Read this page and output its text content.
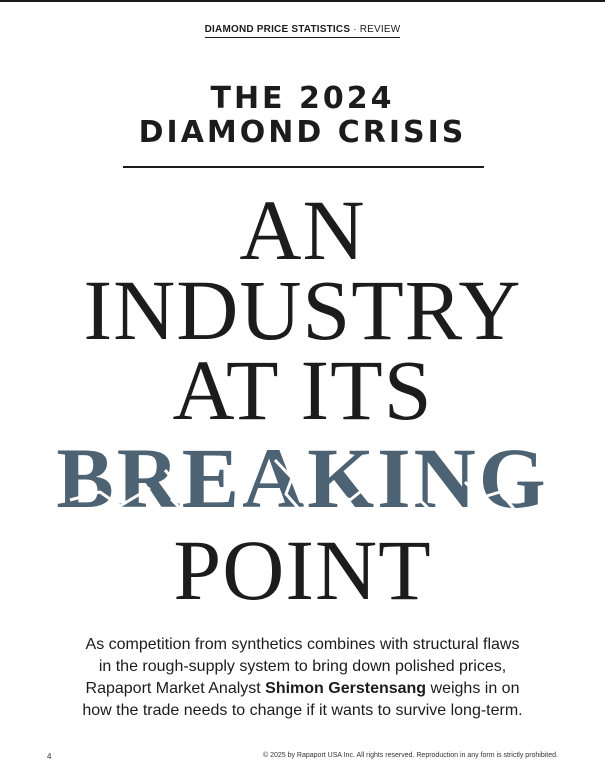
DIAMOND PRICE STATISTICS · REVIEW
THE 2024
DIAMOND CRISIS
AN
INDUSTRY
AT ITS
BREAKING
POINT

As competition from synthetics combines with structural flaws

in the rough-supply system to bring down polished prices,

Rapaport Market Analyst Shimon Gerstensang weighs in on

how the trade needs to change if it wants to survive long-term.

4	© 2025 by Rapaport USA Inc. All rights reserved. Reproduction in any form is strictly prohibited.
